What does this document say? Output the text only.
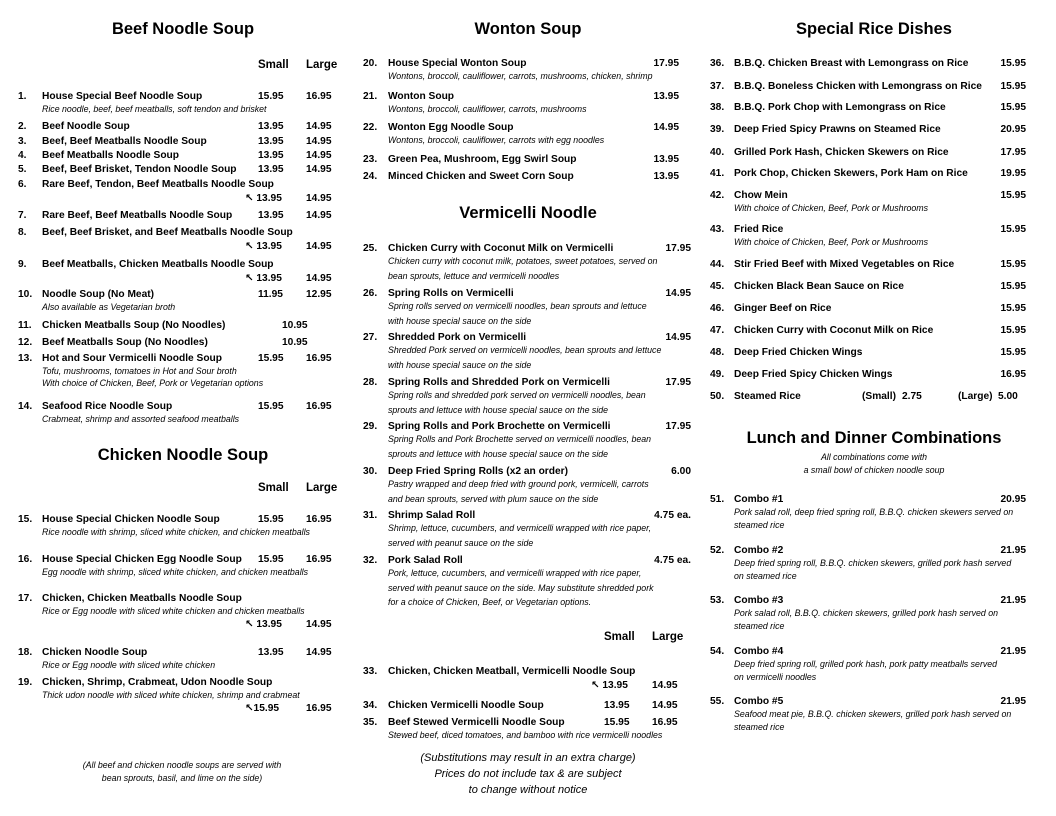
Beef Noodle Soup
Small Large
1. House Special Beef Noodle Soup	15.95 16.95
Rice noodle, beef, beef meatballs, soft tendon and brisket
2. Beef Noodle Soup	13.95 14.95
3. Beef, Beef Meatballs Noodle Soup	13.95 14.95
4. Beef Meatballs Noodle Soup	13.95 14.95
5. Beef, Beef Brisket, Tendon Noodle Soup 13.95 14.95
6. Rare Beef, Tendon, Beef Meatballs Noodle Soup
↖ 13.95 14.95
7. Rare Beef, Beef Meatballs Noodle Soup	13.95 14.95
8. Beef, Beef Brisket, and Beef Meatballs Noodle Soup
↖ 13.95 14.95
9. Beef Meatballs, Chicken Meatballs Noodle Soup
↖ 13.95 14.95
10. Noodle Soup (No Meat)	11.95 12.95
Also available as Vegetarian broth
11. Chicken Meatballs Soup (No Noodles)	10.95
12. Beef Meatballs Soup (No Noodles)	10.95
13. Hot and Sour Vermicelli Noodle Soup	15.95 16.95
Tofu, mushrooms, tomatoes in Hot and Sour broth
With choice of Chicken, Beef, Pork or Vegetarian options
14. Seafood Rice Noodle Soup	15.95 16.95
Crabmeat, shrimp and assorted seafood meatballs
Chicken Noodle Soup
Small Large
15. House Special Chicken Noodle Soup	15.95 16.95
Rice noodle with shrimp, sliced white chicken, and chicken meatballs
16. House Special Chicken Egg Noodle Soup 15.95 16.95
Egg noodle with shrimp, sliced white chicken, and chicken meatballs
17. Chicken, Chicken Meatballs Noodle Soup
Rice or Egg noodle with sliced white chicken and chicken meatballs
↖ 13.95 14.95
18. Chicken Noodle Soup	13.95 14.95
Rice or Egg noodle with sliced white chicken
19. Chicken, Shrimp, Crabmeat, Udon Noodle Soup
Thick udon noodle with sliced white chicken, shrimp and crabmeat
↖15.95	16.95
(All beef and chicken noodle soups are served with
bean sprouts, basil, and lime on the side)
Wonton Soup
20. House Special Wonton Soup	17.95
Wontons, broccoli, cauliflower, carrots, mushrooms, chicken, shrimp
21. Wonton Soup	13.95
Wontons, broccoli, cauliflower, carrots, mushrooms
22. Wonton Egg Noodle Soup	14.95
Wontons, broccoli, cauliflower, carrots with egg noodles
23. Green Pea, Mushroom, Egg Swirl Soup	13.95
24. Minced Chicken and Sweet Corn Soup	13.95
Vermicelli Noodle
25. Chicken Curry with Coconut Milk on Vermicelli	17.95
Chicken curry with coconut milk, potatoes, sweet potatoes, served on
bean sprouts, lettuce and vermicelli noodles
26. Spring Rolls on Vermicelli	14.95
Spring rolls served on vermicelli noodles, bean sprouts and lettuce
with house special sauce on the side
27. Shredded Pork on Vermicelli	14.95
Shredded Pork served on vermicelli noodles, bean sprouts and lettuce
with house special sauce on the side
28. Spring Rolls and Shredded Pork on Vermicelli	17.95
Spring rolls and shredded pork served on vermicelli noodles, bean
sprouts and lettuce with house special sauce on the side
29. Spring Rolls and Pork Brochette on Vermicelli	17.95
Spring Rolls and Pork Brochette served on vermicelli noodles, bean
sprouts and lettuce with house special sauce on the side
30. Deep Fried Spring Rolls (x2 an order)	6.00
Pastry wrapped and deep fried with ground pork, vermicelli, carrots
and bean sprouts, served with plum sauce on the side
31. Shrimp Salad Roll	4.75 ea.
Shrimp, lettuce, cucumbers, and vermicelli wrapped with rice paper,
served with peanut sauce on the side
32. Pork Salad Roll	4.75 ea.
Pork, lettuce, cucumbers, and vermicelli wrapped with rice paper,
served with peanut sauce on the side. May substitute shredded pork
for a choice of Chicken, Beef, or Vegetarian options.
Small Large
33. Chicken, Chicken Meatball, Vermicelli Noodle Soup
↖ 13.95 14.95
34. Chicken Vermicelli Noodle Soup	13.95 14.95
35. Beef Stewed Vermicelli Noodle Soup	15.95 16.95
Stewed beef, diced tomatoes, and bamboo with rice vermicelli noodles
(Substitutions may result in an extra charge)
Prices do not include tax & are subject
to change without notice
Special Rice Dishes
36. B.B.Q. Chicken Breast with Lemongrass on Rice	15.95
37. B.B.Q. Boneless Chicken with Lemongrass on Rice 15.95
38. B.B.Q. Pork Chop with Lemongrass on Rice	15.95
39. Deep Fried Spicy Prawns on Steamed Rice	20.95
40. Grilled Pork Hash, Chicken Skewers on Rice	17.95
41. Pork Chop, Chicken Skewers, Pork Ham on Rice	19.95
42. Chow Mein	15.95
With choice of Chicken, Beef, Pork or Mushrooms
43. Fried Rice	15.95
With choice of Chicken, Beef, Pork or Mushrooms
44. Stir Fried Beef with Mixed Vegetables on Rice	15.95
45. Chicken Black Bean Sauce on Rice	15.95
46. Ginger Beef on Rice	15.95
47. Chicken Curry with Coconut Milk on Rice	15.95
48. Deep Fried Chicken Wings	15.95
49. Deep Fried Spicy Chicken Wings	16.95
50. Steamed Rice	(Small) 2.75	(Large) 5.00
Lunch and Dinner Combinations
All combinations come with
a small bowl of chicken noodle soup
51. Combo #1	20.95
Pork salad roll, deep fried spring roll, B.B.Q. chicken skewers served on
steamed rice
52. Combo #2	21.95
Deep fried spring roll, B.B.Q. chicken skewers, grilled pork hash served
on steamed rice
53. Combo #3	21.95
Pork salad roll, B.B.Q. chicken skewers, grilled pork hash served on
steamed rice
54. Combo #4	21.95
Deep fried spring roll, grilled pork hash, pork patty meatballs served
on vermicelli noodles
55. Combo #5	21.95
Seafood meat pie, B.B.Q. chicken skewers, grilled pork hash served on
steamed rice
